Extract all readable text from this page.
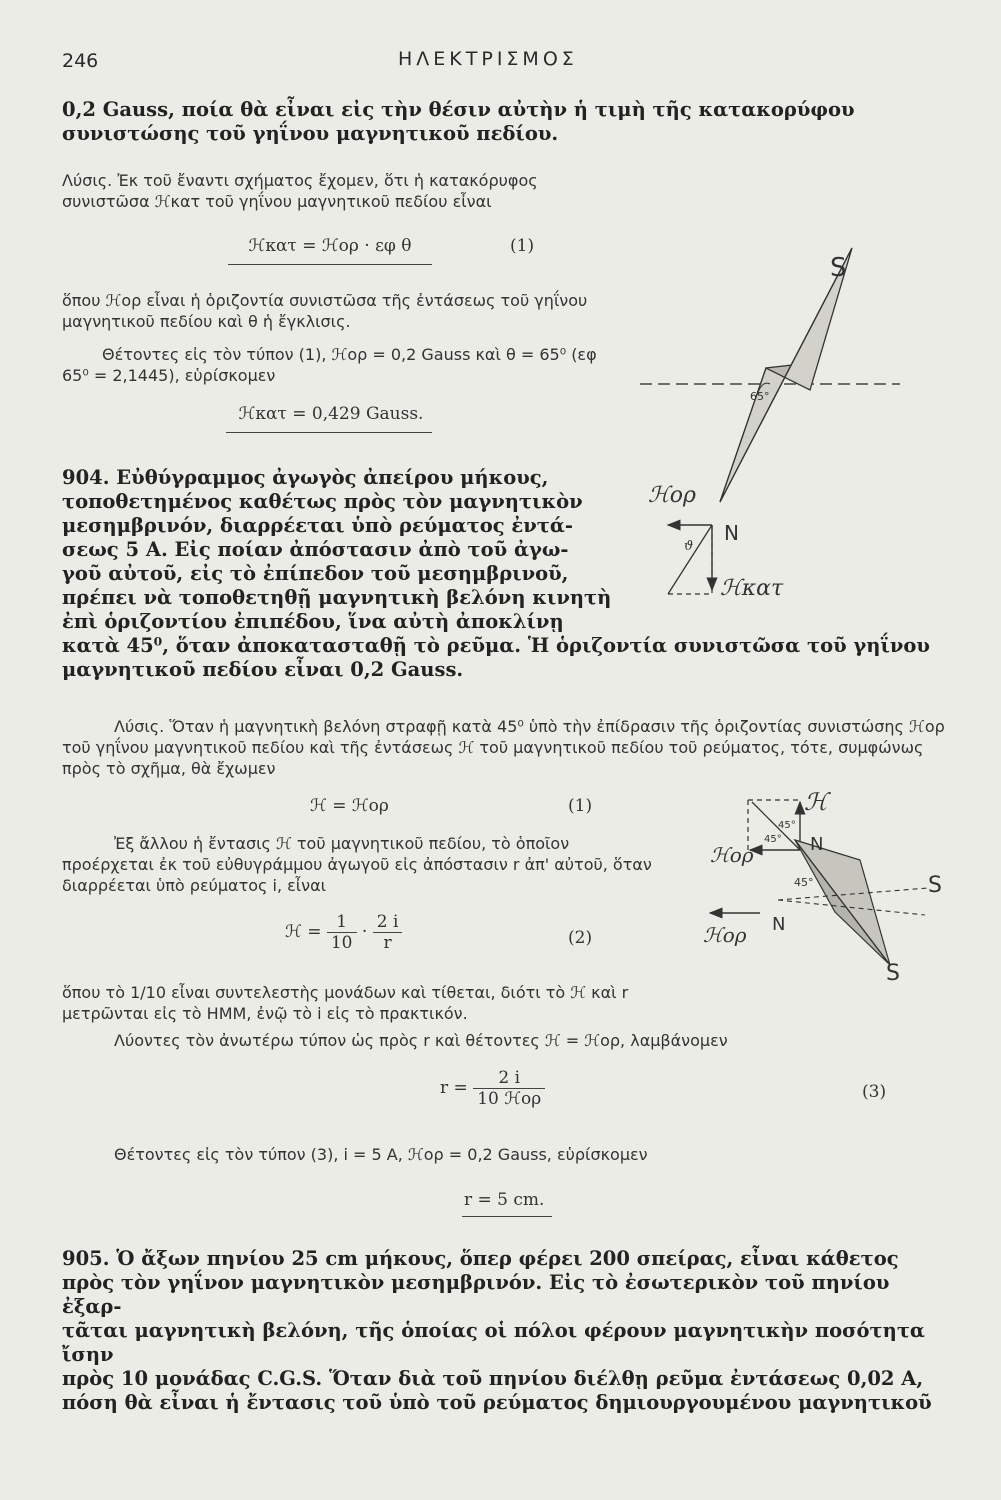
246	ΗΛΕΚΤΡΙΣΜΟΣ
0,2 Gauss, ποία θὰ εἶναι εἰς τὴν θέσιν αὐτὴν ἡ τιμὴ τῆς κατακορύφου συνιστώσης τοῦ γηΐνου μαγνητικοῦ πεδίου.
Λύσις. Ἐκ τοῦ ἔναντι σχήματος ἔχομεν, ὅτι ἡ κατακόρυφος συνιστῶσα ℋκατ τοῦ γηΐνου μαγνητικοῦ πεδίου εἶναι
ℋκατ = ℋορ · εφ θ	(1)
ὅπου ℋορ εἶναι ἡ ὁριζοντία συνιστῶσα τῆς ἐντάσεως τοῦ γηΐνου μαγνητικοῦ πεδίου καὶ θ ἡ ἔγκλισις.
Θέτοντες εἰς τὸν τύπον (1), ℋορ = 0,2 Gauss καὶ θ = 65⁰ (εφ 65⁰ = 2,1445), εὑρίσκομεν
ℋκατ = 0,429 Gauss.
S
N
65°
ϑ
ℋορ
ℋκατ
904. Εὐθύγραμμος ἀγωγὸς ἀπείρου μήκους,
τοποθετημένος καθέτως πρὸς τὸν μαγνητικὸν
μεσημβρινόν, διαρρέεται ὑπὸ ρεύματος ἐντά-
σεως 5 Α. Εἰς ποίαν ἀπόστασιν ἀπὸ τοῦ ἀγω-
γοῦ αὐτοῦ, εἰς τὸ ἐπίπεδον τοῦ μεσημβρινοῦ,
πρέπει νὰ τοποθετηθῇ μαγνητικὴ βελόνη κινητὴ
ἐπὶ ὁριζοντίου ἐπιπέδου, ἵνα αὐτὴ ἀποκλίνῃ
κατὰ 45⁰, ὅταν ἀποκατασταθῇ τὸ ρεῦμα. Ἡ ὁριζοντία συνιστῶσα τοῦ γηΐνου
μαγνητικοῦ πεδίου εἶναι 0,2 Gauss.
Λύσις. Ὅταν ἡ μαγνητικὴ βελόνη στραφῇ κατὰ 45⁰ ὑπὸ τὴν ἐπίδρασιν τῆς ὁριζοντίας συνιστώσης ℋορ τοῦ γηΐνου μαγνητικοῦ πεδίου καὶ τῆς ἐντάσεως ℋ τοῦ μαγνητικοῦ πεδίου τοῦ ρεύματος, τότε, συμφώνως πρὸς τὸ σχῆμα, θὰ ἔχωμεν
ℋ = ℋορ	(1)
Ἐξ ἄλλου ἡ ἔντασις ℋ τοῦ μαγνητικοῦ πεδίου, τὸ ὁποῖον προέρχεται ἐκ τοῦ εὐθυγράμμου ἀγωγοῦ εἰς ἀπόστασιν r ἀπ' αὐτοῦ, ὅταν διαρρέεται ὑπὸ ρεύματος i, εἶναι
ℋ = $\frac{1}{10} \cdot \frac{2 i}{r}$	(2)
ὅπου τὸ 1/10 εἶναι συντελεστὴς μονάδων καὶ τίθεται, διότι τὸ ℋ καὶ r μετρῶνται εἰς τὸ ΗΜΜ, ἐνῷ τὸ i εἰς τὸ πρακτικόν.
Λύοντες τὸν ἀνωτέρω τύπον ὡς πρὸς r καὶ θέτοντες ℋ = ℋορ, λαμβάνομεν
$r = \frac{2 i}{\text{10 ℋορ}}$	(3)
Θέτοντες εἰς τὸν τύπον (3), i = 5 A, ℋορ = 0,2 Gauss, εὑρίσκομεν
r = 5 cm.
ℋ
ℋορ
ℋορ
N
N
S
S
45°
45°
45°
905. Ὁ ἄξων πηνίου 25 cm μήκους, ὅπερ φέρει 200 σπείρας, εἶναι κάθετος
πρὸς τὸν γηΐνον μαγνητικὸν μεσημβρινόν. Εἰς τὸ ἐσωτερικὸν τοῦ πηνίου ἐξαρ-
τᾶται μαγνητικὴ βελόνη, τῆς ὁποίας οἱ πόλοι φέρουν μαγνητικὴν ποσότητα ἴσην
πρὸς 10 μονάδας C.G.S. Ὅταν διὰ τοῦ πηνίου διέλθῃ ρεῦμα ἐντάσεως 0,02 Α,
πόση θὰ εἶναι ἡ ἔντασις τοῦ ὑπὸ τοῦ ρεύματος δημιουργουμένου μαγνητικοῦ
